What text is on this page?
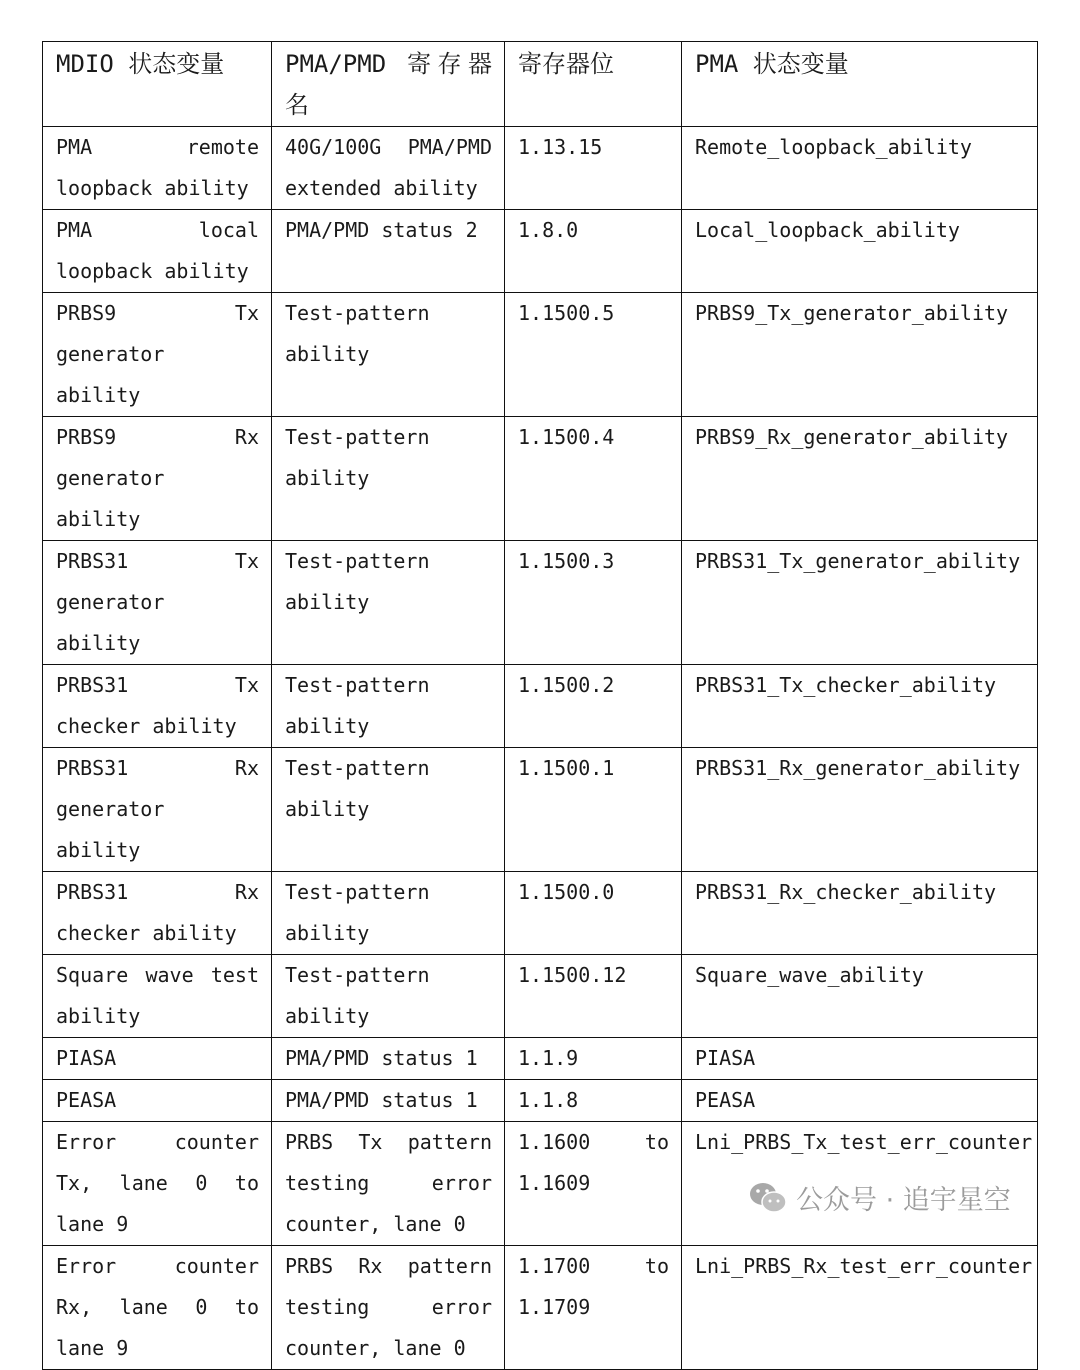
MDIO 状态变量	PMA/PMD 寄存器名	寄存器位	PMA 状态变量
PMA remote loopback ability	40G/100G PMA/PMD extended ability	1.13.15	Remote_loopback_ability
PMA local loopback ability	PMA/PMD status 2	1.8.0	Local_loopback_ability
PRBS9 Tx generator ability	Test-pattern ability	1.1500.5	PRBS9_Tx_generator_ability
PRBS9 Rx generator ability	Test-pattern ability	1.1500.4	PRBS9_Rx_generator_ability
PRBS31 Tx generator ability	Test-pattern ability	1.1500.3	PRBS31_Tx_generator_ability
PRBS31 Tx checker ability	Test-pattern ability	1.1500.2	PRBS31_Tx_checker_ability
PRBS31 Rx generator ability	Test-pattern ability	1.1500.1	PRBS31_Rx_generator_ability
PRBS31 Rx checker ability	Test-pattern ability	1.1500.0	PRBS31_Rx_checker_ability
Square wave test ability	Test-pattern ability	1.1500.12	Square_wave_ability
PIASA	PMA/PMD status 1	1.1.9	PIASA
PEASA	PMA/PMD status 1	1.1.8	PEASA
Error counter Tx, lane 0 to lane 9	PRBS Tx pattern testing error counter, lane 0	1.1600 to 1.1609	Lni_PRBS_Tx_test_err_counter
Error counter Rx, lane 0 to lane 9	PRBS Rx pattern testing error counter, lane 0	1.1700 to 1.1709	Lni_PRBS_Rx_test_err_counter
公众号 · 追宇星空
